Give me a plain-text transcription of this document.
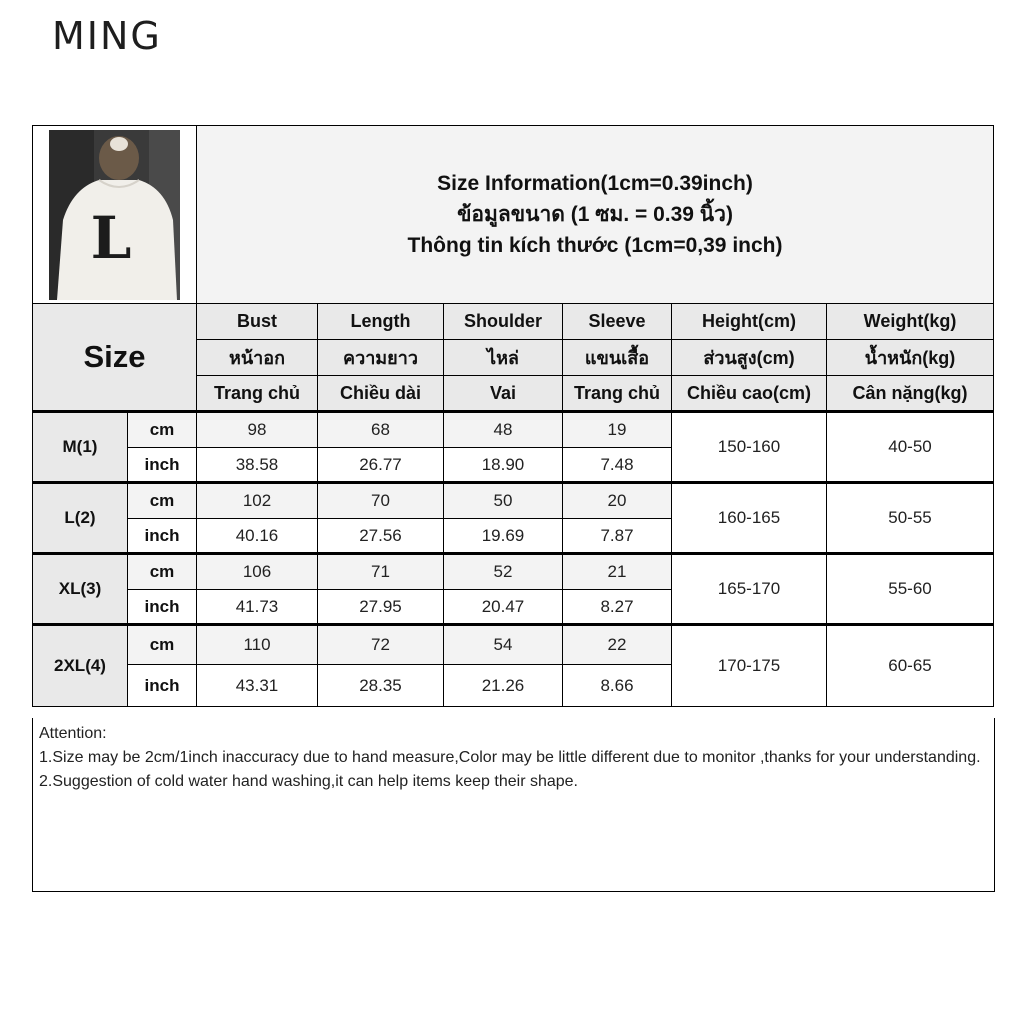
MING
L		Size Information(1cm=0.39inch)
ข้อมูลขนาด (1 ซม. = 0.39 นิ้ว)
Thông tin kích thước (1cm=0,39 inch)					

Size		Bust	Length	Shoulder	Sleeve	Height(cm)	Weight(kg)
		หน้าอก	ความยาว	ไหล่	แขนเสื้อ	ส่วนสูง(cm)	น้ำหนัก(kg)
		Trang chủ	Chiều dài	Vai	Trang chủ	Chiều cao(cm)	Cân nặng(kg)
M(1)	cm	98	68	48	19	150-160	40-50
	inch	38.58	26.77	18.90	7.48		
L(2)	cm	102	70	50	20	160-165	50-55
	inch	40.16	27.56	19.69	7.87		
XL(3)	cm	106	71	52	21	165-170	55-60
	inch	41.73	27.95	20.47	8.27		
2XL(4)	cm	110	72	54	22	170-175	60-65
	inch	43.31	28.35	21.26	8.66		

Attention:

1.Size may be 2cm/1inch inaccuracy due to hand measure,Color may be little different due to monitor ,thanks for your understanding.

2.Suggestion of cold water hand washing,it can help items keep their shape.
